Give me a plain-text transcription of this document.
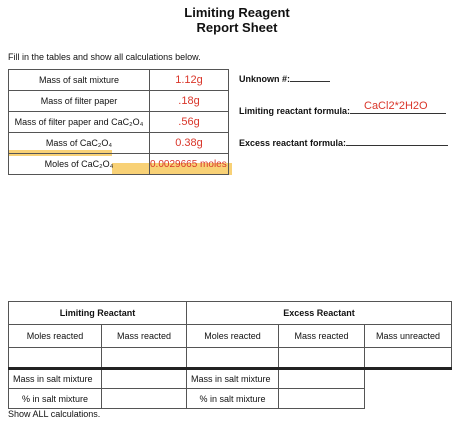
Limiting Reagent
Report Sheet
Fill in the tables and show all calculations below.
Mass of salt mixture	1.12g
Mass of filter paper	.18g
Mass of filter paper and CaC₂O₄	.56g
Mass of CaC₂O₄	0.38g
Moles of CaC₂O₄	0.0029665 moles
Unknown #:
Limiting reactant formula:	CaCl2*2H2O
Excess reactant formula:
Limiting Reactant		Excess Reactant		
Moles reacted	Mass reacted	Moles reacted	Mass reacted	Mass unreacted

Mass in salt mixture		Mass in salt mixture		
% in salt mixture		% in salt mixture		
Show ALL calculations.
